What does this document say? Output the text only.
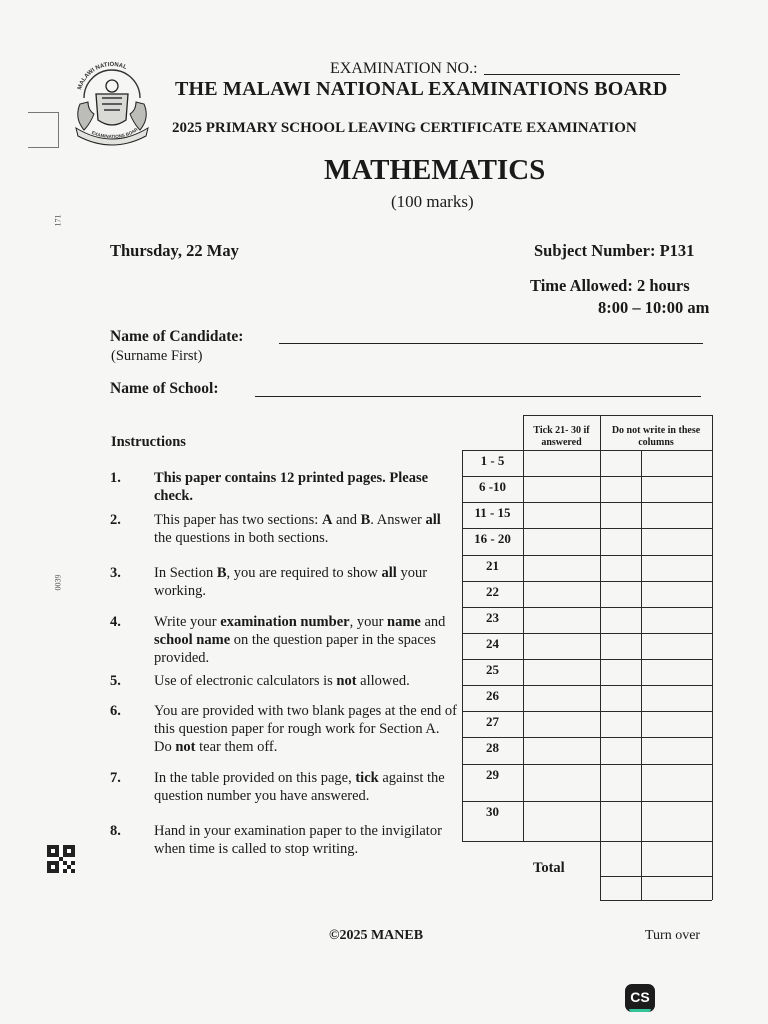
MALAWI NATIONAL
EXAMINATIONS BOAR
171
0039
EXAMINATION NO.:
THE MALAWI NATIONAL EXAMINATIONS BOARD
2025 PRIMARY SCHOOL LEAVING CERTIFICATE EXAMINATION
MATHEMATICS
(100 marks)
Thursday, 22 May	Subject Number: P131
Time Allowed: 2 hours
8:00 – 10:00 am
Name of Candidate:
(Surname First)
Name of School:
Instructions
1. This paper contains 12 printed pages. Please check.
2. This paper has two sections: A and B. Answer all the questions in both sections.
3. In Section B, you are required to show all your working.
4. Write your examination number, your name and school name on the question paper in the spaces provided.
5. Use of electronic calculators is not allowed.
6. You are provided with two blank pages at the end of this question paper for rough work for Section A. Do not tear them off.
7. In the table provided on this page, tick against the question number you have answered.
8. Hand in your examination paper to the invigilator when time is called to stop writing.
Tick 21- 30 if answered
Do not write in these columns
1 - 5
6 -10
11 - 15
16 - 20
21
22
23
24
25
26
27
28
29
30
Total
©2025 MANEB	Turn over
CS
